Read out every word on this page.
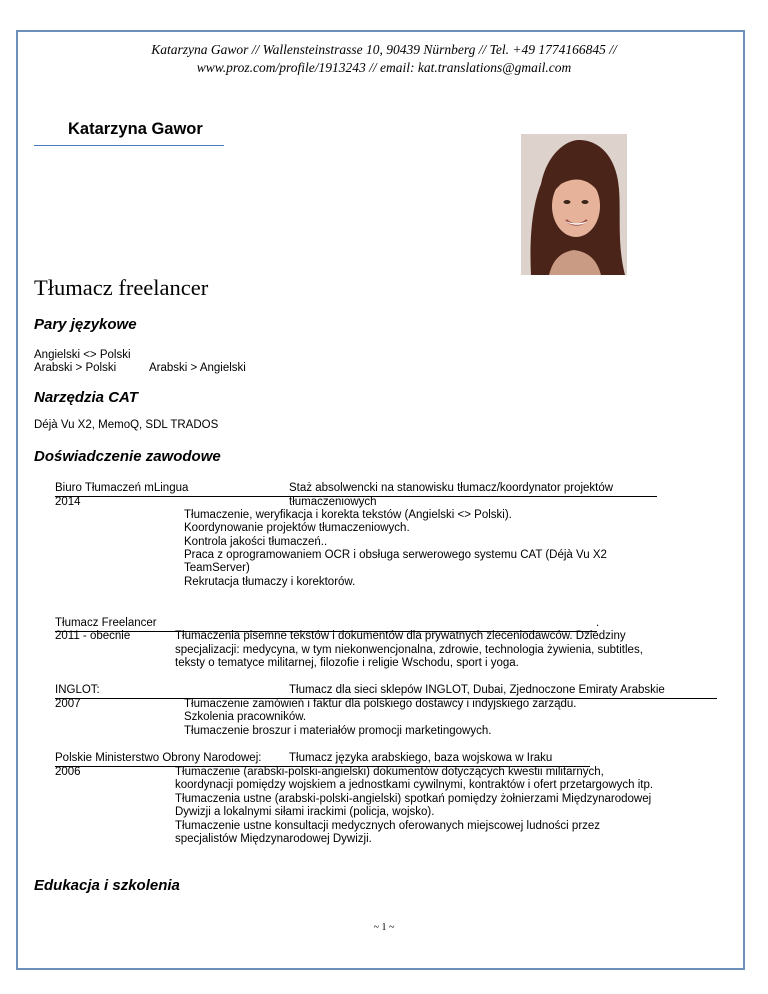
Katarzyna Gawor // Wallensteinstrasse 10, 90439 Nürnberg // Tel. +49 1774166845 //
www.proz.com/profile/1913243 // email: kat.translations@gmail.com
Katarzyna Gawor
Tłumacz freelancer
Pary językowe
Angielski <> Polski
Arabski > Polski	Arabski > Angielski
Narzędzia CAT
Déjà Vu X2, MemoQ, SDL TRADOS
Doświadczenie zawodowe
Biuro Tłumaczeń mLingua	Staż absolwencki na stanowisku tłumacz/koordynator projektów
2014	tłumaczeniowych
Tłumaczenie, weryfikacja i korekta tekstów (Angielski <> Polski).
Koordynowanie projektów tłumaczeniowych.
Kontrola jakości tłumaczeń..
Praca z oprogramowaniem OCR i obsługa serwerowego systemu CAT (Déjà Vu X2
TeamServer)
Rekrutacja tłumaczy i korektorów.
Tłumacz Freelancer	.
2011 - obecnie	Tłumaczenia pisemne tekstów i dokumentów dla prywatnych zleceniodawców. Dziedziny
specjalizacji: medycyna, w tym niekonwencjonalna, zdrowie, technologia żywienia, subtitles,
teksty o tematyce militarnej, filozofie i religie Wschodu, sport i yoga.
INGLOT:	Tłumacz dla sieci sklepów INGLOT, Dubai, Zjednoczone Emiraty Arabskie
2007	Tłumaczenie zamówień i faktur dla polskiego dostawcy i indyjskiego zarządu.
Szkolenia pracowników.
Tłumaczenie broszur i materiałów promocji marketingowych.
Polskie Ministerstwo Obrony Narodowej:	Tłumacz języka arabskiego, baza wojskowa w Iraku
2006	Tłumaczenie (arabski-polski-angielski) dokumentów dotyczących kwestii militarnych,
koordynacji pomiędzy wojskiem a jednostkami cywilnymi, kontraktów i ofert przetargowych itp.
Tłumaczenia ustne (arabski-polski-angielski) spotkań pomiędzy żołnierzami Międzynarodowej
Dywizji a lokalnymi siłami irackimi (policja, wojsko).
Tłumaczenie ustne konsultacji medycznych oferowanych miejscowej ludności przez
specjalistów Międzynarodowej Dywizji.
Edukacja i szkolenia
~ 1 ~
